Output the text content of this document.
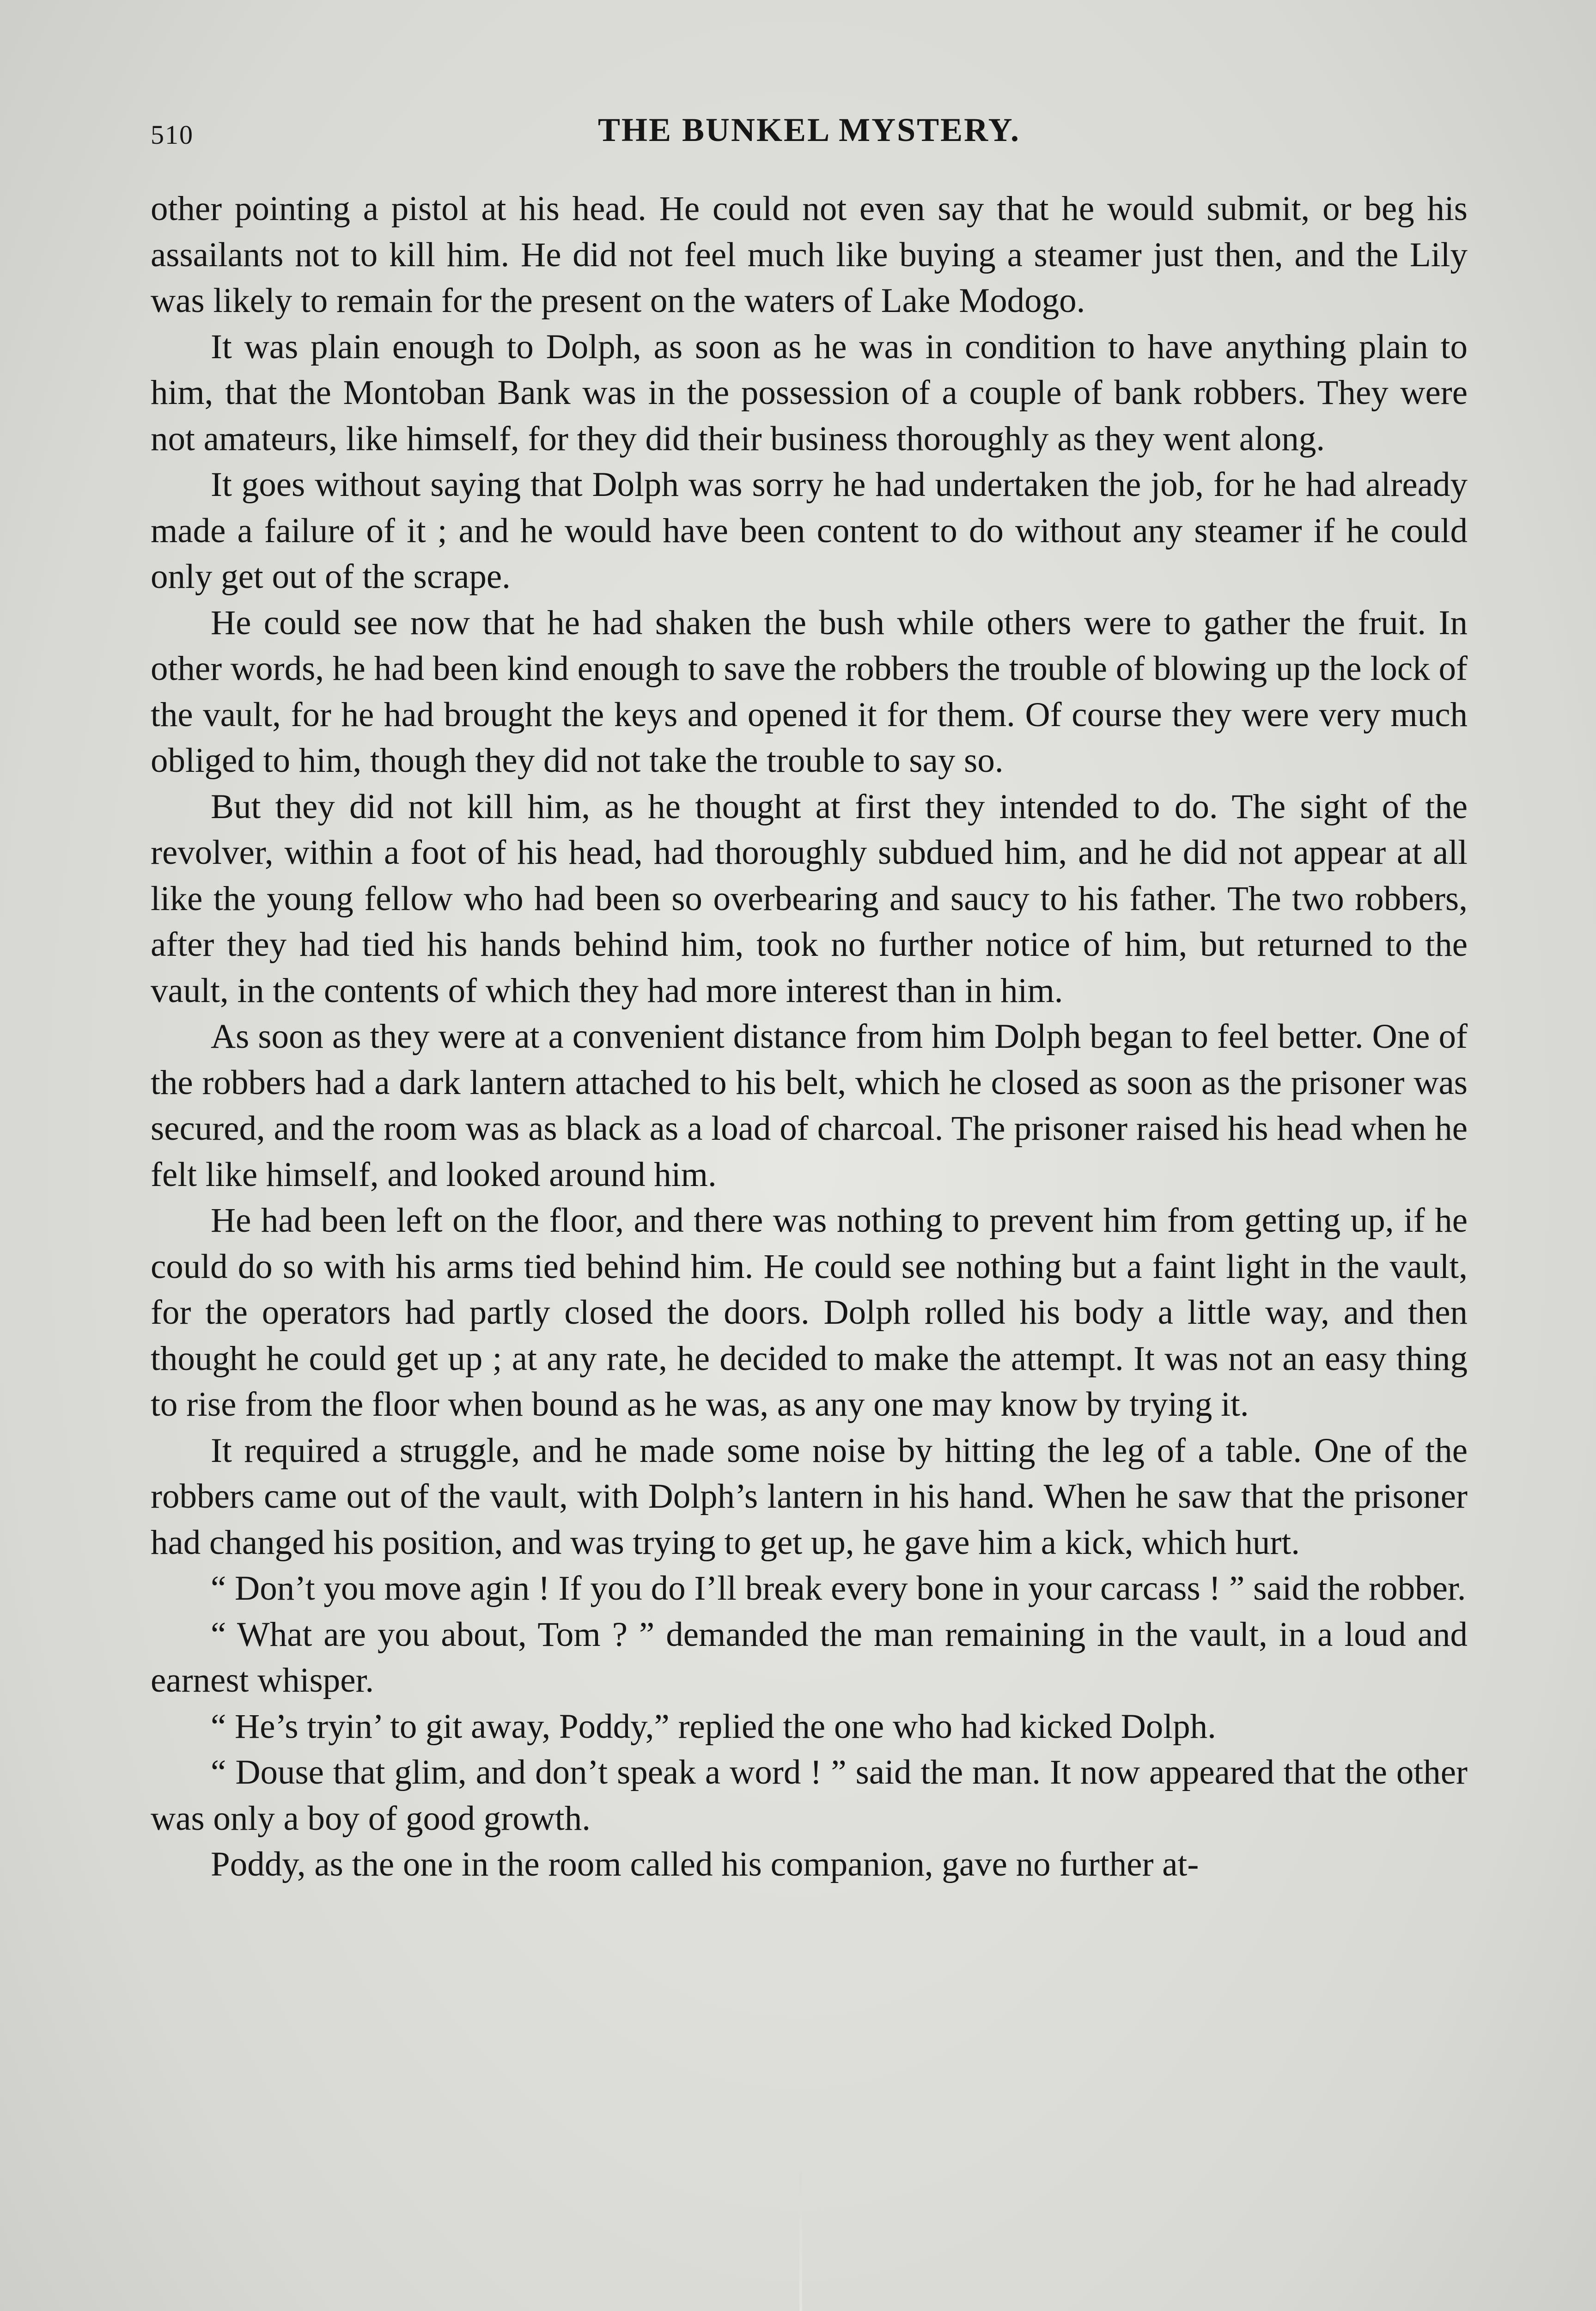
510	THE BUNKEL MYSTERY.

other pointing a pistol at his head. He could not even say that he would submit, or beg his assailants not to kill him. He did not feel much like buying a steamer just then, and the Lily was likely to remain for the present on the waters of Lake Modogo.

It was plain enough to Dolph, as soon as he was in condition to have anything plain to him, that the Montoban Bank was in the possession of a couple of bank robbers. They were not amateurs, like himself, for they did their business thoroughly as they went along.

It goes without saying that Dolph was sorry he had undertaken the job, for he had already made a failure of it ; and he would have been content to do without any steamer if he could only get out of the scrape.

He could see now that he had shaken the bush while others were to gather the fruit. In other words, he had been kind enough to save the robbers the trouble of blowing up the lock of the vault, for he had brought the keys and opened it for them. Of course they were very much obliged to him, though they did not take the trouble to say so.

But they did not kill him, as he thought at first they intended to do. The sight of the revolver, within a foot of his head, had thoroughly subdued him, and he did not appear at all like the young fellow who had been so overbearing and saucy to his father. The two robbers, after they had tied his hands behind him, took no further notice of him, but returned to the vault, in the contents of which they had more interest than in him.

As soon as they were at a convenient distance from him Dolph began to feel better. One of the robbers had a dark lantern attached to his belt, which he closed as soon as the prisoner was secured, and the room was as black as a load of charcoal. The prisoner raised his head when he felt like himself, and looked around him.

He had been left on the floor, and there was nothing to prevent him from getting up, if he could do so with his arms tied behind him. He could see nothing but a faint light in the vault, for the operators had partly closed the doors. Dolph rolled his body a little way, and then thought he could get up ; at any rate, he decided to make the attempt. It was not an easy thing to rise from the floor when bound as he was, as any one may know by trying it.

It required a struggle, and he made some noise by hitting the leg of a table. One of the robbers came out of the vault, with Dolph’s lantern in his hand. When he saw that the prisoner had changed his position, and was trying to get up, he gave him a kick, which hurt.

“ Don’t you move agin ! If you do I’ll break every bone in your carcass ! ” said the robber.

“ What are you about, Tom ? ” demanded the man remaining in the vault, in a loud and earnest whisper.

“ He’s tryin’ to git away, Poddy,” replied the one who had kicked Dolph.

“ Douse that glim, and don’t speak a word ! ” said the man. It now appeared that the other was only a boy of good growth.

Poddy, as the one in the room called his companion, gave no further at-
